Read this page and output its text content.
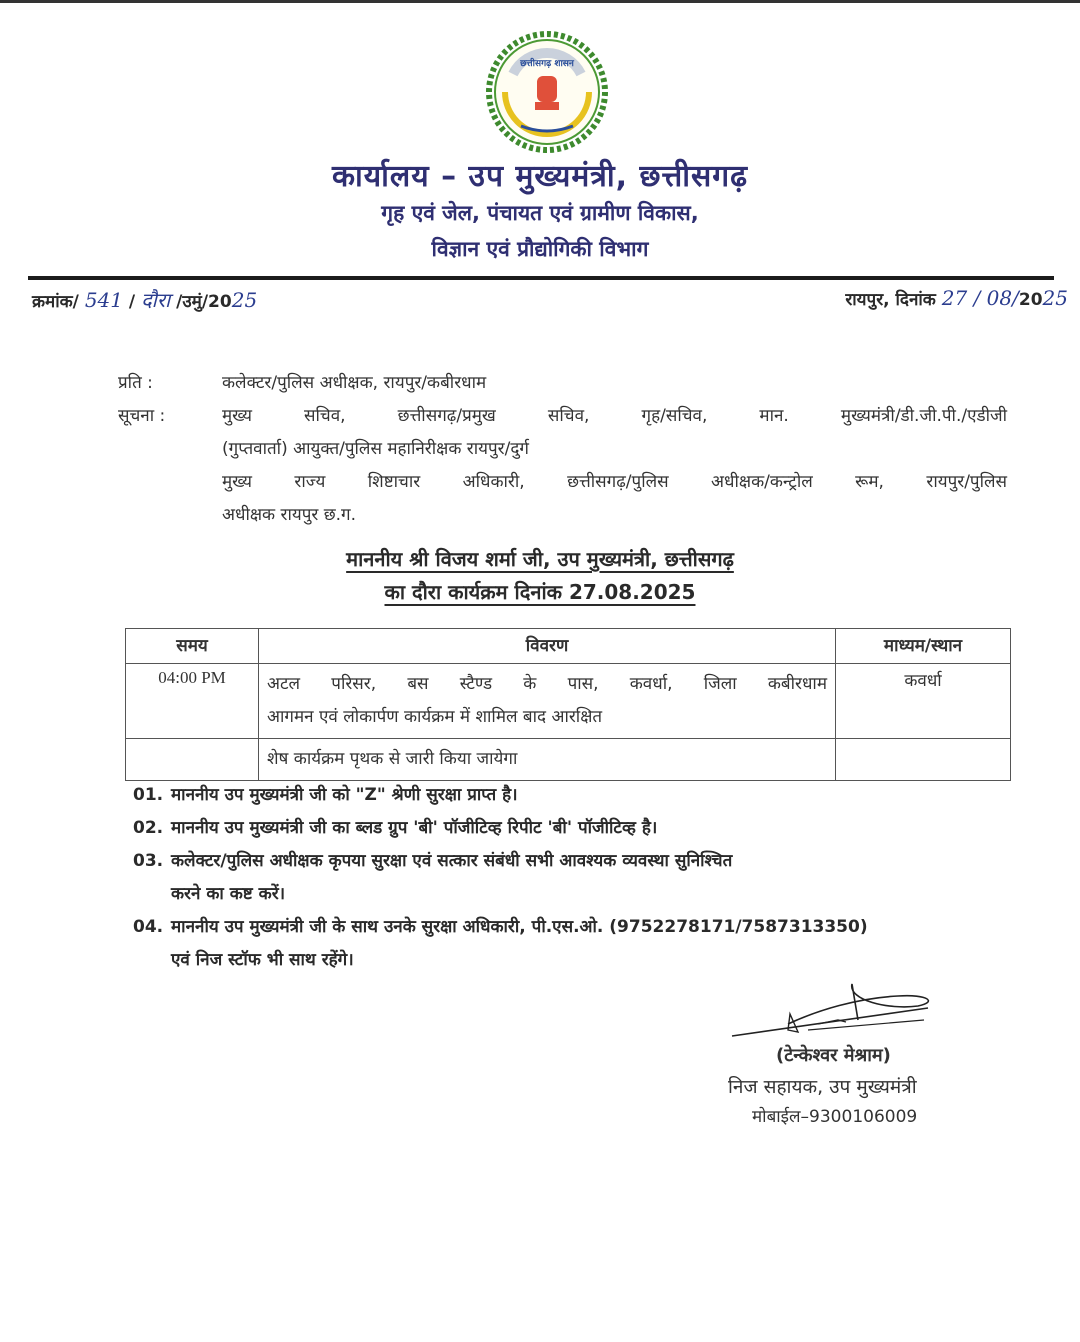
छत्तीसगढ़ शासन
कार्यालय – उप मुख्यमंत्री, छत्तीसगढ़
गृह एवं जेल, पंचायत एवं ग्रामीण विकास,
विज्ञान एवं प्रौद्योगिकी विभाग
क्रमांक/ 541 / दौरा /उमुं/2025	रायपुर, दिनांक 27 / 08/2025
प्रति :	कलेक्टर/पुलिस अधीक्षक, रायपुर/कबीरधाम
सूचना :	मुख्य सचिव, छत्तीसगढ़/प्रमुख सचिव, गृह/सचिव, मान. मुख्यमंत्री/डी.जी.पी./एडीजी
(गुप्तवार्ता) आयुक्त/पुलिस महानिरीक्षक रायपुर/दुर्ग
मुख्य राज्य शिष्टाचार अधिकारी, छत्तीसगढ़/पुलिस अधीक्षक/कन्ट्रोल रूम, रायपुर/पुलिस
अधीक्षक रायपुर छ.ग.
माननीय श्री विजय शर्मा जी, उप मुख्यमंत्री, छत्तीसगढ़
का दौरा कार्यक्रम दिनांक 27.08.2025
समय	विवरण	माध्यम/स्थान
04:00 PM	अटल परिसर, बस स्टैण्ड के पास, कवर्धा, जिला कबीरधाम
आगमन एवं लोकार्पण कार्यक्रम में शामिल बाद आरक्षित	कवर्धा
	शेष कार्यक्रम पृथक से जारी किया जायेगा	
01. माननीय उप मुख्यमंत्री जी को "Z" श्रेणी सुरक्षा प्राप्त है।
02. माननीय उप मुख्यमंत्री जी का ब्लड ग्रुप 'बी' पॉजीटिव्ह रिपीट 'बी' पॉजीटिव्ह है।
03. कलेक्टर/पुलिस अधीक्षक कृपया सुरक्षा एवं सत्कार संबंधी सभी आवश्यक व्यवस्था सुनिश्चित
करने का कष्ट करें।
04. माननीय उप मुख्यमंत्री जी के साथ उनके सुरक्षा अधिकारी, पी.एस.ओ. (9752278171/7587313350)
एवं निज स्टॉफ भी साथ रहेंगे।
(टेन्केश्वर मेश्राम)
निज सहायक, उप मुख्यमंत्री
मोबाईल–9300106009
